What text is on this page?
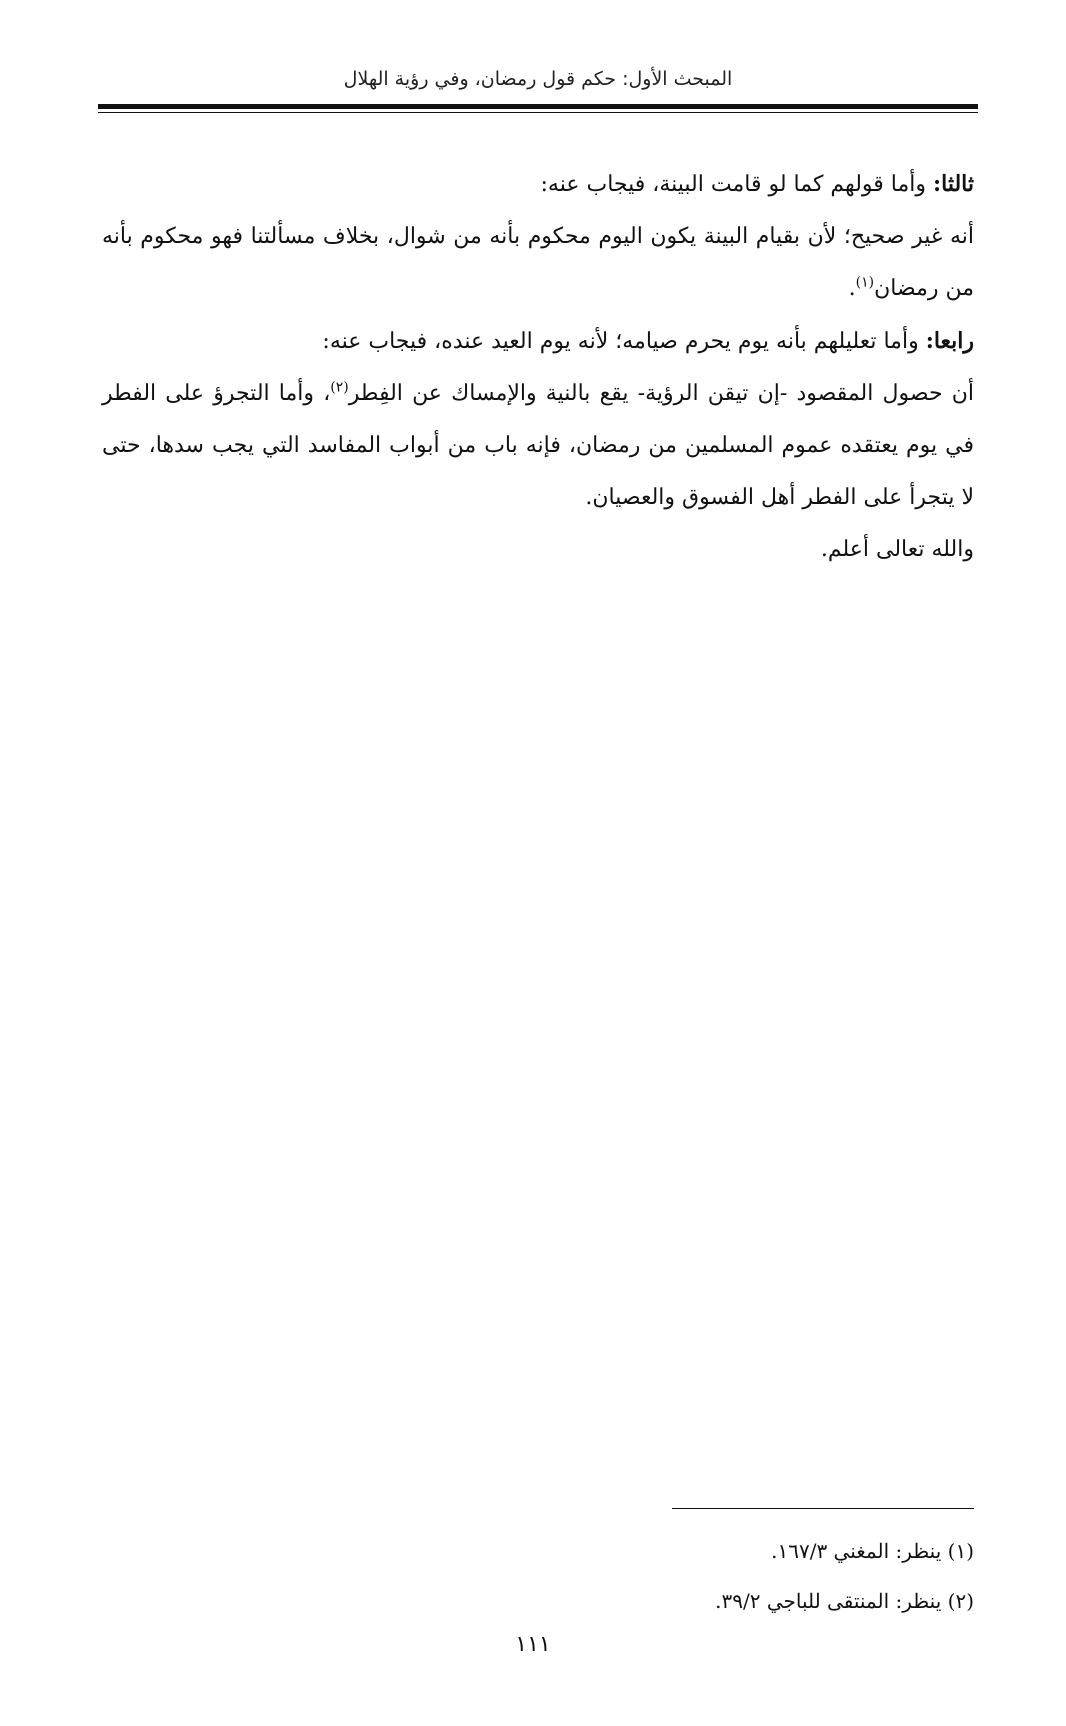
المبحث الأول: حكم قول رمضان، وفي رؤية الهلال

ثالثا: وأما قولهم كما لو قامت البينة، فيجاب عنه:

أنه غير صحيح؛ لأن بقيام البينة يكون اليوم محكوم بأنه من شوال، بخلاف مسألتنا فهو محكوم بأنه من رمضان$^{(١)}$.

رابعا: وأما تعليلهم بأنه يوم يحرم صيامه؛ لأنه يوم العيد عنده، فيجاب عنه:

أن حصول المقصود -إن تيقن الرؤية- يقع بالنية والإمساك عن الفِطر$^{(٢)}$، وأما التجرؤ على الفطر في يوم يعتقده عموم المسلمين من رمضان، فإنه باب من أبواب المفاسد التي يجب سدها، حتى لا يتجرأ على الفطر أهل الفسوق والعصيان.

والله تعالى أعلم.

(١) ينظر: المغني ١٦٧/٣.

(٢) ينظر: المنتقى للباجي ٣٩/٢.

١١١
